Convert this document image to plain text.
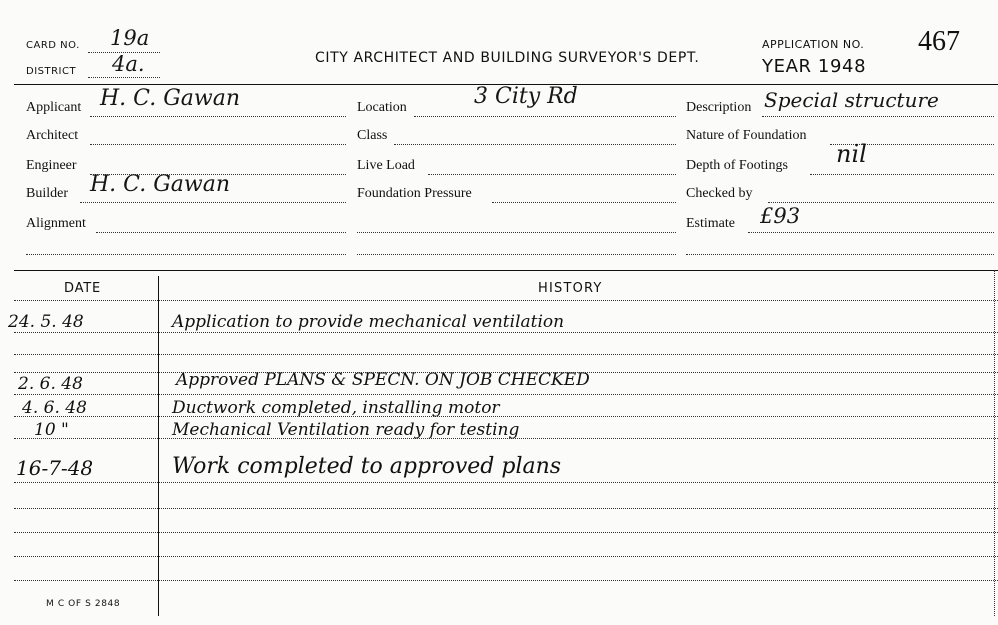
CARD NO. 19a
DISTRICT 4a.	CITY ARCHITECT AND BUILDING SURVEYOR'S DEPT.
APPLICATION NO. 467
YEAR 1948
Applicant H. C. Gawan
Architect
Engineer
Builder H. C. Gawan
Alignment
Location	3 City Rd
Class
Live Load
Foundation Pressure
Description Special structure
Nature of Foundation
Depth of Footings nil
Checked by
Estimate £93
DATE	HISTORY
24. 5. 48	Application to provide mechanical ventilation
2. 6. 48	Approved PLANS & SPECN. ON JOB CHECKED
4. 6. 48	Ductwork completed, installing motor
10 "	Mechanical Ventilation ready for testing
16-7-48	Work completed to approved plans
M C OF S 2848
